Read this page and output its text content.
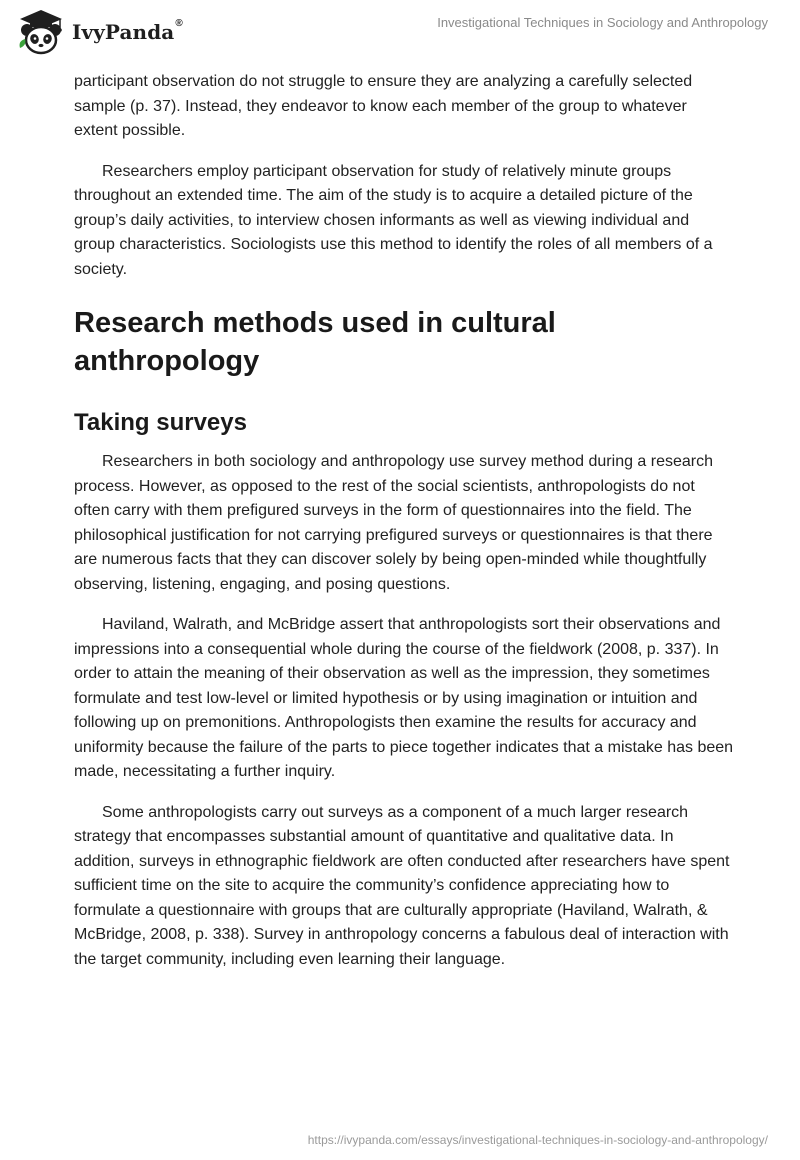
IvyPanda®	Investigational Techniques in Sociology and Anthropology

participant observation do not struggle to ensure they are analyzing a carefully selected sample (p. 37). Instead, they endeavor to know each member of the group to whatever extent possible.

Researchers employ participant observation for study of relatively minute groups throughout an extended time. The aim of the study is to acquire a detailed picture of the group’s daily activities, to interview chosen informants as well as viewing individual and group characteristics. Sociologists use this method to identify the roles of all members of a society.

Research methods used in cultural anthropology
Taking surveys

Researchers in both sociology and anthropology use survey method during a research process. However, as opposed to the rest of the social scientists, anthropologists do not often carry with them prefigured surveys in the form of questionnaires into the field. The philosophical justification for not carrying prefigured surveys or questionnaires is that there are numerous facts that they can discover solely by being open-minded while thoughtfully observing, listening, engaging, and posing questions.

Haviland, Walrath, and McBridge assert that anthropologists sort their observations and impressions into a consequential whole during the course of the fieldwork (2008, p. 337). In order to attain the meaning of their observation as well as the impression, they sometimes formulate and test low-level or limited hypothesis or by using imagination or intuition and following up on premonitions. Anthropologists then examine the results for accuracy and uniformity because the failure of the parts to piece together indicates that a mistake has been made, necessitating a further inquiry.

Some anthropologists carry out surveys as a component of a much larger research strategy that encompasses substantial amount of quantitative and qualitative data. In addition, surveys in ethnographic fieldwork are often conducted after researchers have spent sufficient time on the site to acquire the community’s confidence appreciating how to formulate a questionnaire with groups that are culturally appropriate (Haviland, Walrath, & McBridge, 2008, p. 338). Survey in anthropology concerns a fabulous deal of interaction with the target community, including even learning their language.

https://ivypanda.com/essays/investigational-techniques-in-sociology-and-anthropology/
